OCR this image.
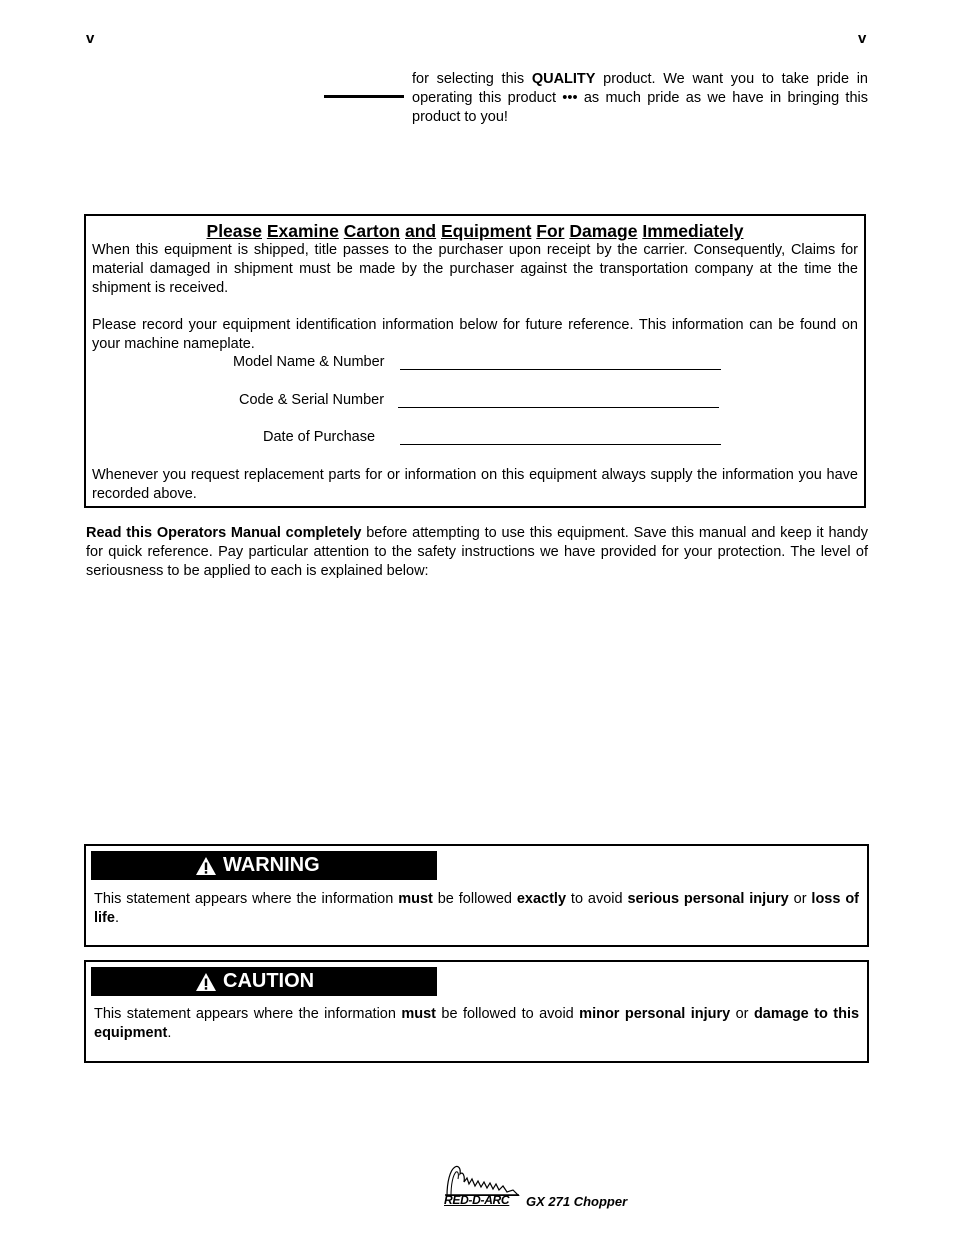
v	v
for selecting this QUALITY product. We want you to take pride in operating this product ••• as much pride as we have in bringing this product to you!
Please Examine Carton and Equipment For Damage Immediately
When this equipment is shipped, title passes to the purchaser upon receipt by the carrier. Consequently, Claims for material damaged in shipment must be made by the purchaser against the transportation company at the time the shipment is received.
Please record your equipment identification information below for future reference. This information can be found on your machine nameplate.
Model Name & Number
Code & Serial Number
Date of Purchase
Whenever you request replacement parts for or information on this equipment always supply the information you have recorded above.
Read this Operators Manual completely before attempting to use this equipment. Save this manual and keep it handy for quick reference. Pay particular attention to the safety instructions we have provided for your protection. The level of seriousness to be applied to each is explained below:
WARNING
This statement appears where the information must be followed exactly to avoid serious personal injury or loss of life.
CAUTION
This statement appears where the information must be followed to avoid minor personal injury or damage to this equipment.
RED-D-ARC GX 271 Chopper
